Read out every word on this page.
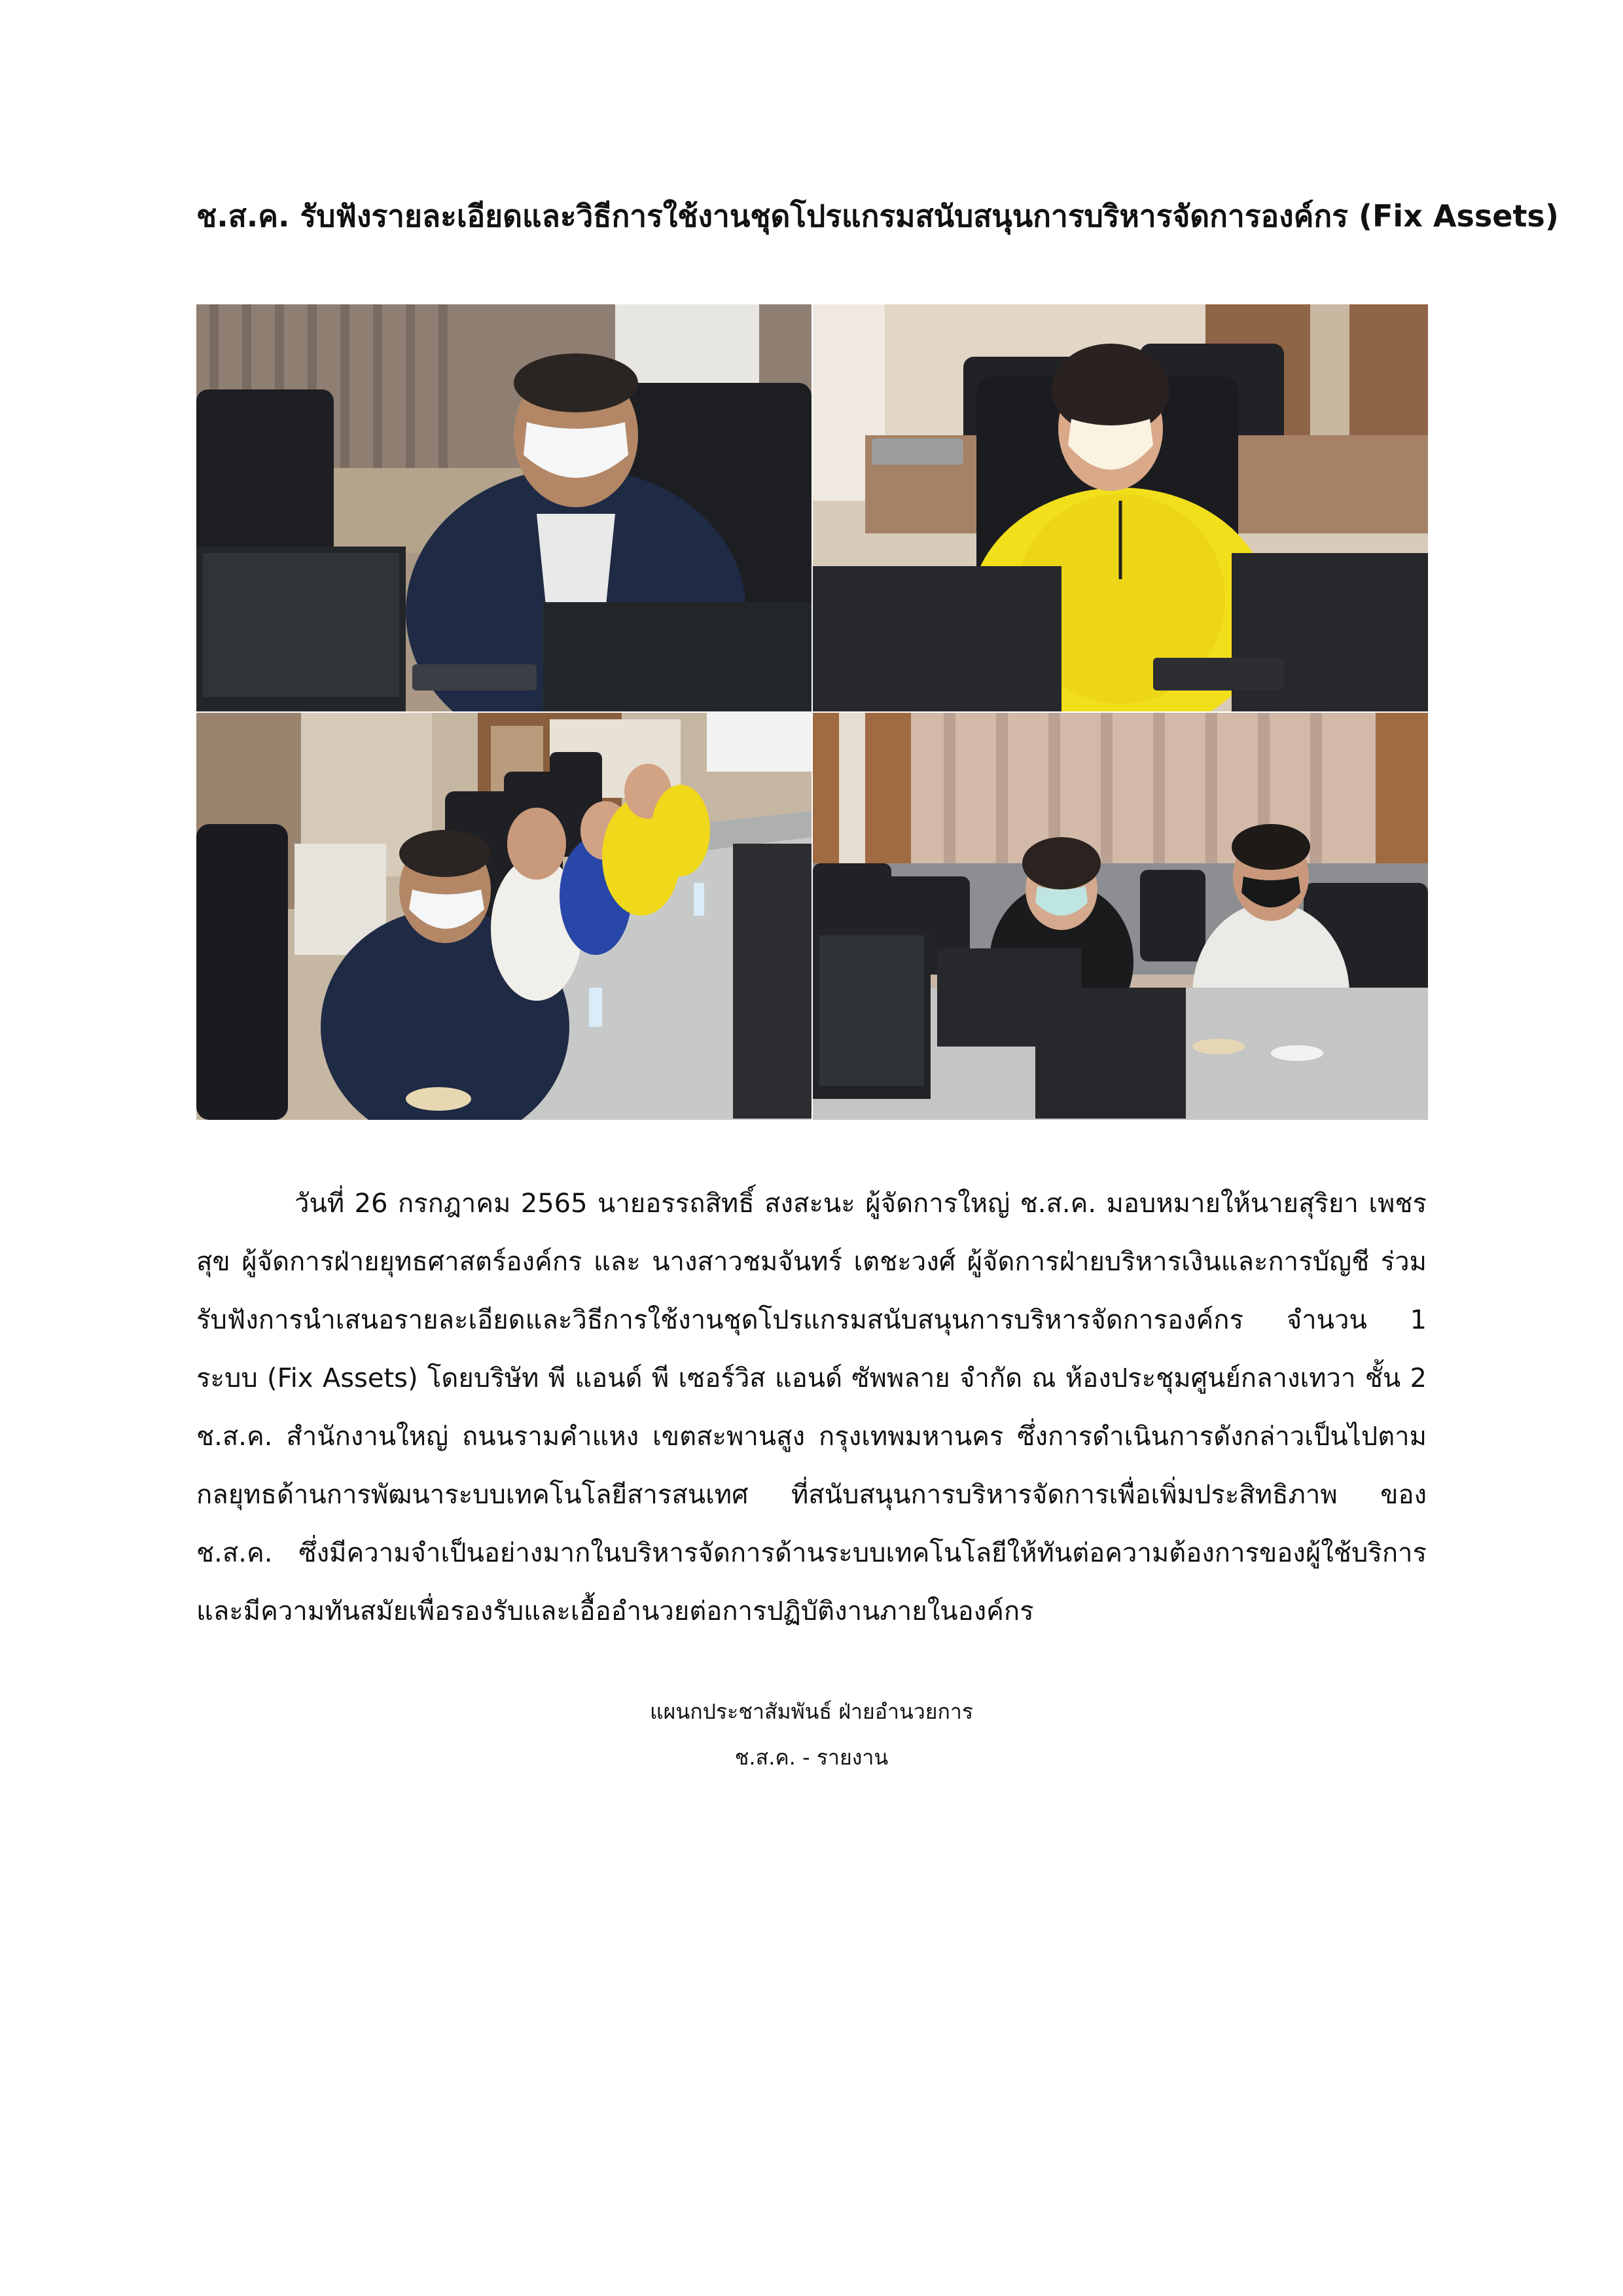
ช.ส.ค. รับฟังรายละเอียดและวิธีการใช้งานชุดโปรแกรมสนับสนุนการบริหารจัดการองค์กร (Fix Assets)
วันที่ 26 กรกฎาคม 2565 นายอรรถสิทธิ์ สงสะนะ ผู้จัดการใหญ่ ช.ส.ค. มอบหมายให้นายสุริยา เพชรสุข ผู้จัดการฝ่ายยุทธศาสตร์องค์กร และ นางสาวชมจันทร์ เตชะวงศ์ ผู้จัดการฝ่ายบริหารเงินและการบัญชี ร่วมรับฟังการนำเสนอรายละเอียดและวิธีการใช้งานชุดโปรแกรมสนับสนุนการบริหารจัดการองค์กร จำนวน 1 ระบบ (Fix Assets) โดยบริษัท พี แอนด์ พี เซอร์วิส แอนด์ ซัพพลาย จำกัด ณ ห้องประชุมศูนย์กลางเทวา ชั้น 2 ช.ส.ค. สำนักงานใหญ่ ถนนรามคำแหง เขตสะพานสูง กรุงเทพมหานคร ซึ่งการดำเนินการดังกล่าวเป็นไปตามกลยุทธด้านการพัฒนาระบบเทคโนโลยีสารสนเทศ ที่สนับสนุนการบริหารจัดการเพื่อเพิ่มประสิทธิภาพ ของ ช.ส.ค. ซึ่งมีความจำเป็นอย่างมากในบริหารจัดการด้านระบบเทคโนโลยีให้ทันต่อความต้องการของผู้ใช้บริการและมีความทันสมัยเพื่อรองรับและเอื้ออำนวยต่อการปฏิบัติงานภายในองค์กร
แผนกประชาสัมพันธ์ ฝ่ายอำนวยการ
ช.ส.ค. - รายงาน
